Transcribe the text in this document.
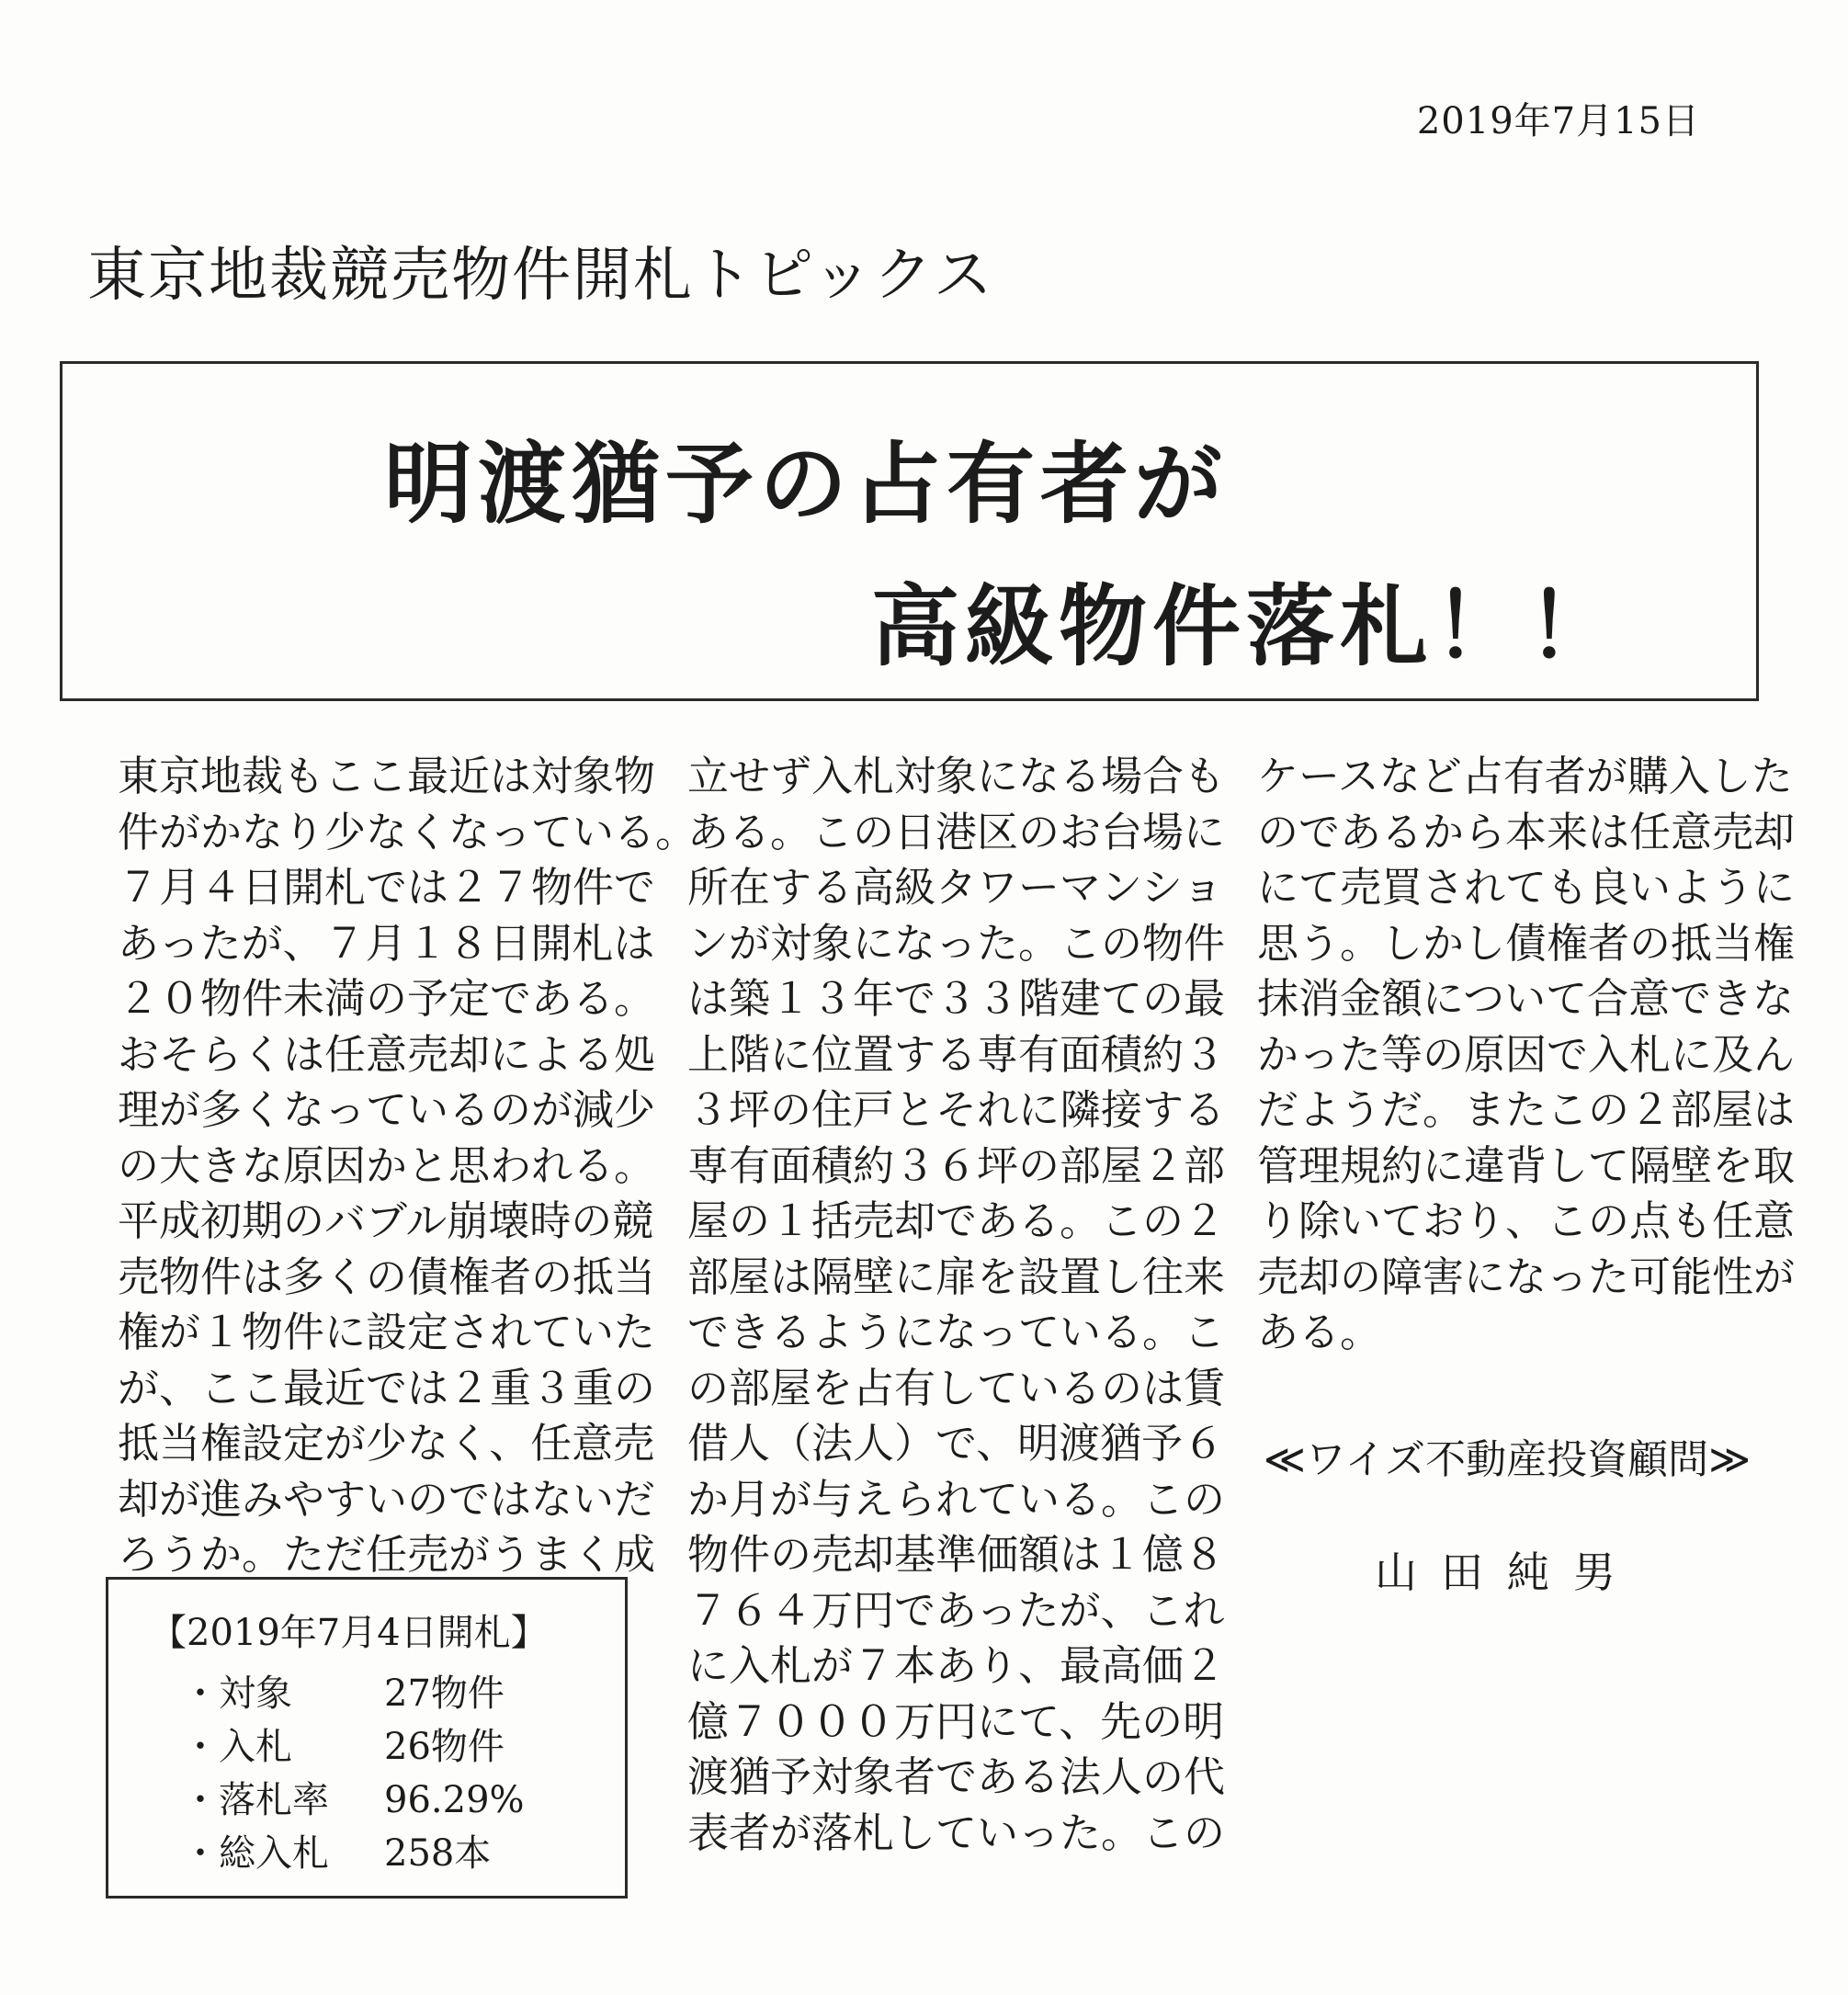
2019年7月15日
東京地裁競売物件開札トピックス
明渡猶予の占有者が
高級物件落札！！
東京地裁もここ最近は対象物
件がかなり少なくなっている。
７月４日開札では２７物件で
あったが、７月１８日開札は
２０物件未満の予定である。
おそらくは任意売却による処
理が多くなっているのが減少
の大きな原因かと思われる。
平成初期のバブル崩壊時の競
売物件は多くの債権者の抵当
権が１物件に設定されていた
が、ここ最近では２重３重の
抵当権設定が少なく、任意売
却が進みやすいのではないだ
ろうか。ただ任売がうまく成
立せず入札対象になる場合も
ある。この日港区のお台場に
所在する高級タワーマンショ
ンが対象になった。この物件
は築１３年で３３階建ての最
上階に位置する専有面積約３
３坪の住戸とそれに隣接する
専有面積約３６坪の部屋２部
屋の１括売却である。この２
部屋は隔壁に扉を設置し往来
できるようになっている。こ
の部屋を占有しているのは賃
借人（法人）で、明渡猶予６
か月が与えられている。この
物件の売却基準価額は１億８
７６４万円であったが、これ
に入札が７本あり、最高価２
億７０００万円にて、先の明
渡猶予対象者である法人の代
表者が落札していった。この
ケースなど占有者が購入した
のであるから本来は任意売却
にて売買されても良いように
思う。しかし債権者の抵当権
抹消金額について合意できな
かった等の原因で入札に及ん
だようだ。またこの２部屋は
管理規約に違背して隔壁を取
り除いており、この点も任意
売却の障害になった可能性が
ある。
【2019年7月4日開札】
・対象	27物件
・入札	26物件
・落札率 96.29%
・総入札 258本
≪ワイズ不動産投資顧問≫
山田純男
